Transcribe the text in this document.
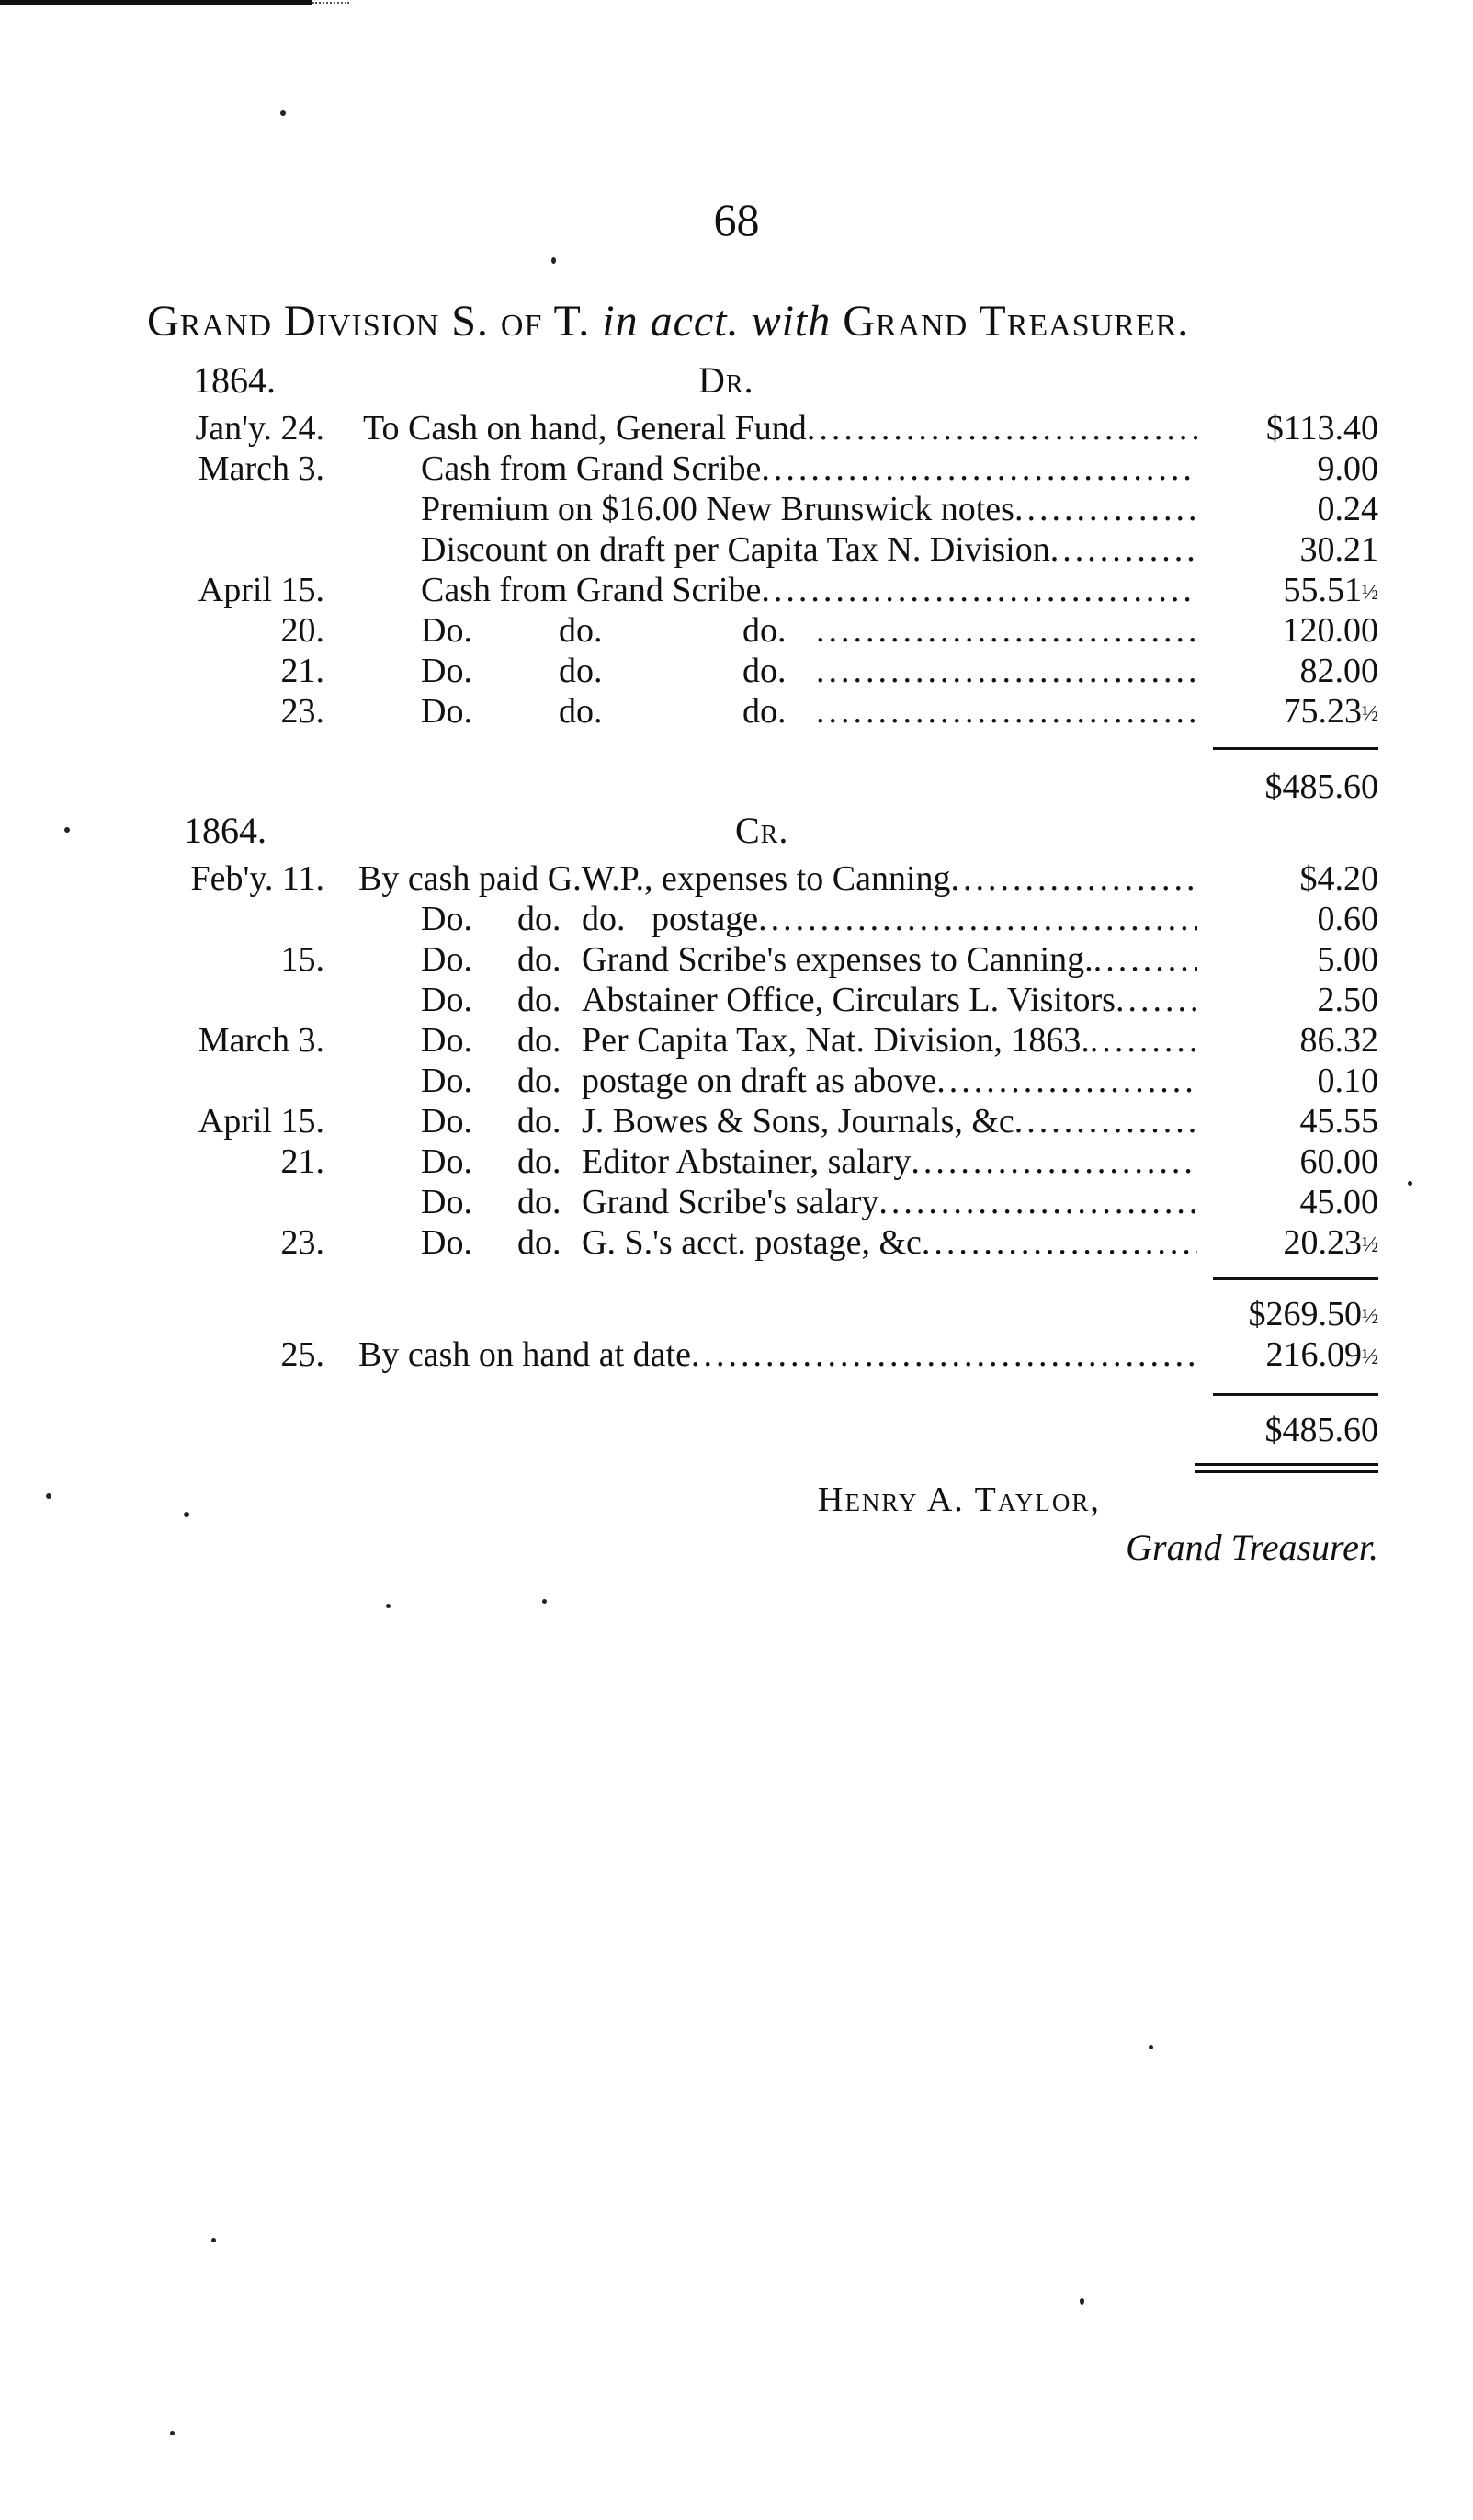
68
Grand Division S. of T. in acct. with Grand Treasurer.
1864.	Dr.
Jan'y. 24. To Cash on hand, General Fund .....	$113.40
March 3.	Cash from Grand Scribe .....	9.00
Premium on $16.00 New Brunswick notes .....	0.24
Discount on draft per Capita Tax N. Division .....	30.21
April 15.	Cash from Grand Scribe .....	55.51½
20.	Do.	do.	do. .....	120.00
21.	Do.	do.	do. .....	82.00
23.	Do.	do.	do. .....	75.23½
$485.60
1864.	Cr.
Feb'y. 11. By cash paid G.W.P., expenses to Canning .....	$4.20
Do.	do. do.   postage .....	0.60
15.	Do.	do. Grand Scribe's expenses to Canning. .....	5.00
Do.	do. Abstainer Office, Circulars L. Visitors .....	2.50
March 3.	Do.	do. Per Capita Tax, Nat. Division, 1863. .....	86.32
Do.	do. postage on draft as above .....	0.10
April 15.	Do.	do. J. Bowes & Sons, Journals, &c .....	45.55
21.	Do.	do. Editor Abstainer, salary .....	60.00
Do.	do. Grand Scribe's salary .....	45.00
23.	Do.	do. G. S.'s acct. postage, &c .....	20.23½
$269.50½
25. By cash on hand at date .....	216.09½
$485.60
Henry A. Taylor,
Grand Treasurer.
